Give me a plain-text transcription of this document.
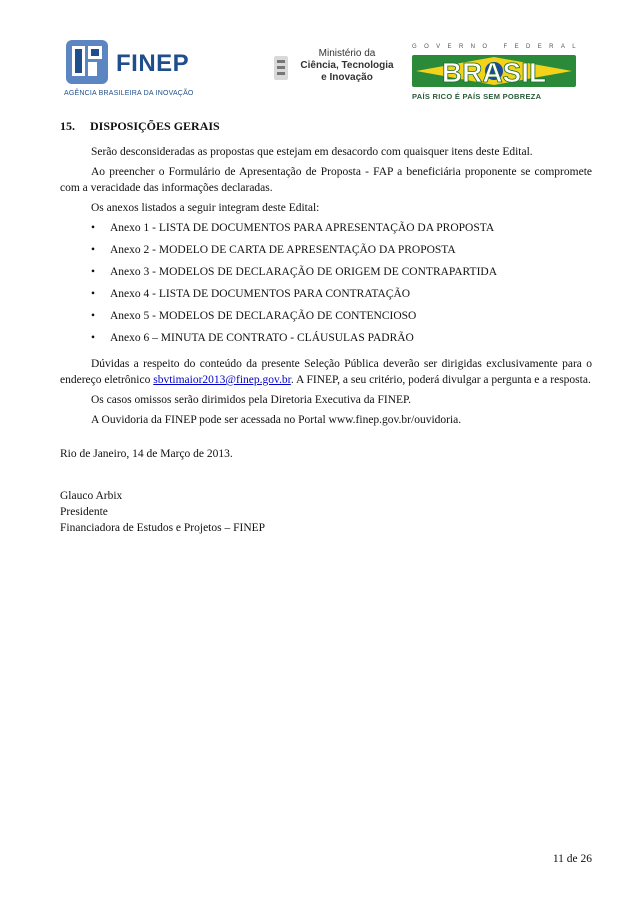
FINEP
AGÊNCIA BRASILEIRA DA INOVAÇÃO
Ministério da
Ciência, Tecnologia
e Inovação
GOVERNO FEDERAL
BRASIL
PAÍS RICO É PAÍS SEM POBREZA
15. DISPOSIÇÕES GERAIS

Serão desconsideradas as propostas que estejam em desacordo com quaisquer itens deste Edital.

Ao preencher o Formulário de Apresentação de Proposta - FAP a beneficiária proponente se compromete com a veracidade das informações declaradas.

Os anexos listados a seguir integram deste Edital:

• Anexo 1 - LISTA DE DOCUMENTOS PARA APRESENTAÇÃO DA PROPOSTA
• Anexo 2 - MODELO DE CARTA DE APRESENTAÇÃO DA PROPOSTA
• Anexo 3 - MODELOS DE DECLARAÇÃO DE ORIGEM DE CONTRAPARTIDA
• Anexo 4 - LISTA DE DOCUMENTOS PARA CONTRATAÇÃO
• Anexo 5 - MODELOS DE DECLARAÇÃO DE CONTENCIOSO
• Anexo 6 – MINUTA DE CONTRATO - CLÁUSULAS PADRÃO

Dúvidas a respeito do conteúdo da presente Seleção Pública deverão ser dirigidas exclusivamente para o endereço eletrônico sbvtimaior2013@finep.gov.br. A FINEP, a seu critério, poderá divulgar a pergunta e a resposta.

Os casos omissos serão dirimidos pela Diretoria Executiva da FINEP.

A Ouvidoria da FINEP pode ser acessada no Portal www.finep.gov.br/ouvidoria.

Rio de Janeiro, 14 de Março de 2013.
Glauco Arbix
Presidente
Financiadora de Estudos e Projetos – FINEP
11 de 26
